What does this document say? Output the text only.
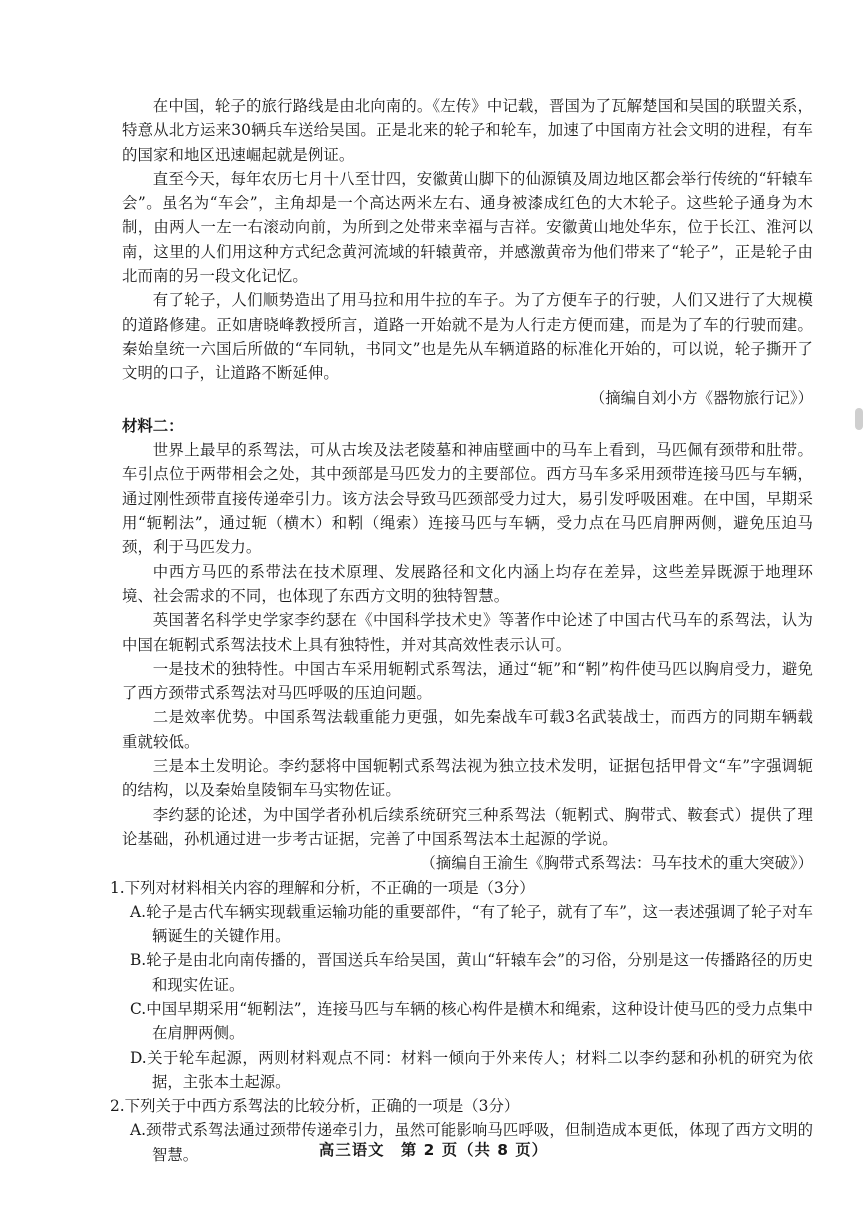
在中国，轮子的旅行路线是由北向南的。《左传》中记载，晋国为了瓦解楚国和吴国的联盟关系，特意从北方运来30辆兵车送给吴国。正是北来的轮子和轮车，加速了中国南方社会文明的进程，有车的国家和地区迅速崛起就是例证。

直至今天，每年农历七月十八至廿四，安徽黄山脚下的仙源镇及周边地区都会举行传统的“轩辕车会”。虽名为“车会”，主角却是一个高达两米左右、通身被漆成红色的大木轮子。这些轮子通身为木制，由两人一左一右滚动向前，为所到之处带来幸福与吉祥。安徽黄山地处华东，位于长江、淮河以南，这里的人们用这种方式纪念黄河流域的轩辕黄帝，并感激黄帝为他们带来了“轮子”，正是轮子由北而南的另一段文化记忆。

有了轮子，人们顺势造出了用马拉和用牛拉的车子。为了方便车子的行驶，人们又进行了大规模的道路修建。正如唐晓峰教授所言，道路一开始就不是为人行走方便而建，而是为了车的行驶而建。秦始皇统一六国后所做的“车同轨，书同文”也是先从车辆道路的标准化开始的，可以说，轮子撕开了文明的口子，让道路不断延伸。

（摘编自刘小方《器物旅行记》）

材料二：

世界上最早的系驾法，可从古埃及法老陵墓和神庙壁画中的马车上看到，马匹佩有颈带和肚带。车引点位于两带相会之处，其中颈部是马匹发力的主要部位。西方马车多采用颈带连接马匹与车辆，通过刚性颈带直接传递牵引力。该方法会导致马匹颈部受力过大，易引发呼吸困难。在中国，早期采用“轭靷法”，通过轭（横木）和靷（绳索）连接马匹与车辆，受力点在马匹肩胛两侧，避免压迫马颈，利于马匹发力。

中西方马匹的系带法在技术原理、发展路径和文化内涵上均存在差异，这些差异既源于地理环境、社会需求的不同，也体现了东西方文明的独特智慧。

英国著名科学史学家李约瑟在《中国科学技术史》等著作中论述了中国古代马车的系驾法，认为中国在轭靷式系驾法技术上具有独特性，并对其高效性表示认可。

一是技术的独特性。中国古车采用轭靷式系驾法，通过“轭”和“靷”构件使马匹以胸肩受力，避免了西方颈带式系驾法对马匹呼吸的压迫问题。

二是效率优势。中国系驾法载重能力更强，如先秦战车可载3名武装战士，而西方的同期车辆载重就较低。

三是本土发明论。李约瑟将中国轭靷式系驾法视为独立技术发明，证据包括甲骨文“车”字强调轭的结构，以及秦始皇陵铜车马实物佐证。

李约瑟的论述，为中国学者孙机后续系统研究三种系驾法（轭靷式、胸带式、鞍套式）提供了理论基础，孙机通过进一步考古证据，完善了中国系驾法本土起源的学说。

（摘编自王渝生《胸带式系驾法：马车技术的重大突破》）

1.下列对材料相关内容的理解和分析，不正确的一项是（3分）

A.轮子是古代车辆实现载重运输功能的重要部件，“有了轮子，就有了车”，这一表述强调了轮子对车辆诞生的关键作用。

B.轮子是由北向南传播的，晋国送兵车给吴国，黄山“轩辕车会”的习俗，分别是这一传播路径的历史和现实佐证。

C.中国早期采用“轭靷法”，连接马匹与车辆的核心构件是横木和绳索，这种设计使马匹的受力点集中在肩胛两侧。

D.关于轮车起源，两则材料观点不同：材料一倾向于外来传人；材料二以李约瑟和孙机的研究为依据，主张本土起源。

2.下列关于中西方系驾法的比较分析，正确的一项是（3分）

A.颈带式系驾法通过颈带传递牵引力，虽然可能影响马匹呼吸，但制造成本更低，体现了西方文明的智慧。	高三语文　第 2 页（共 8 页）
